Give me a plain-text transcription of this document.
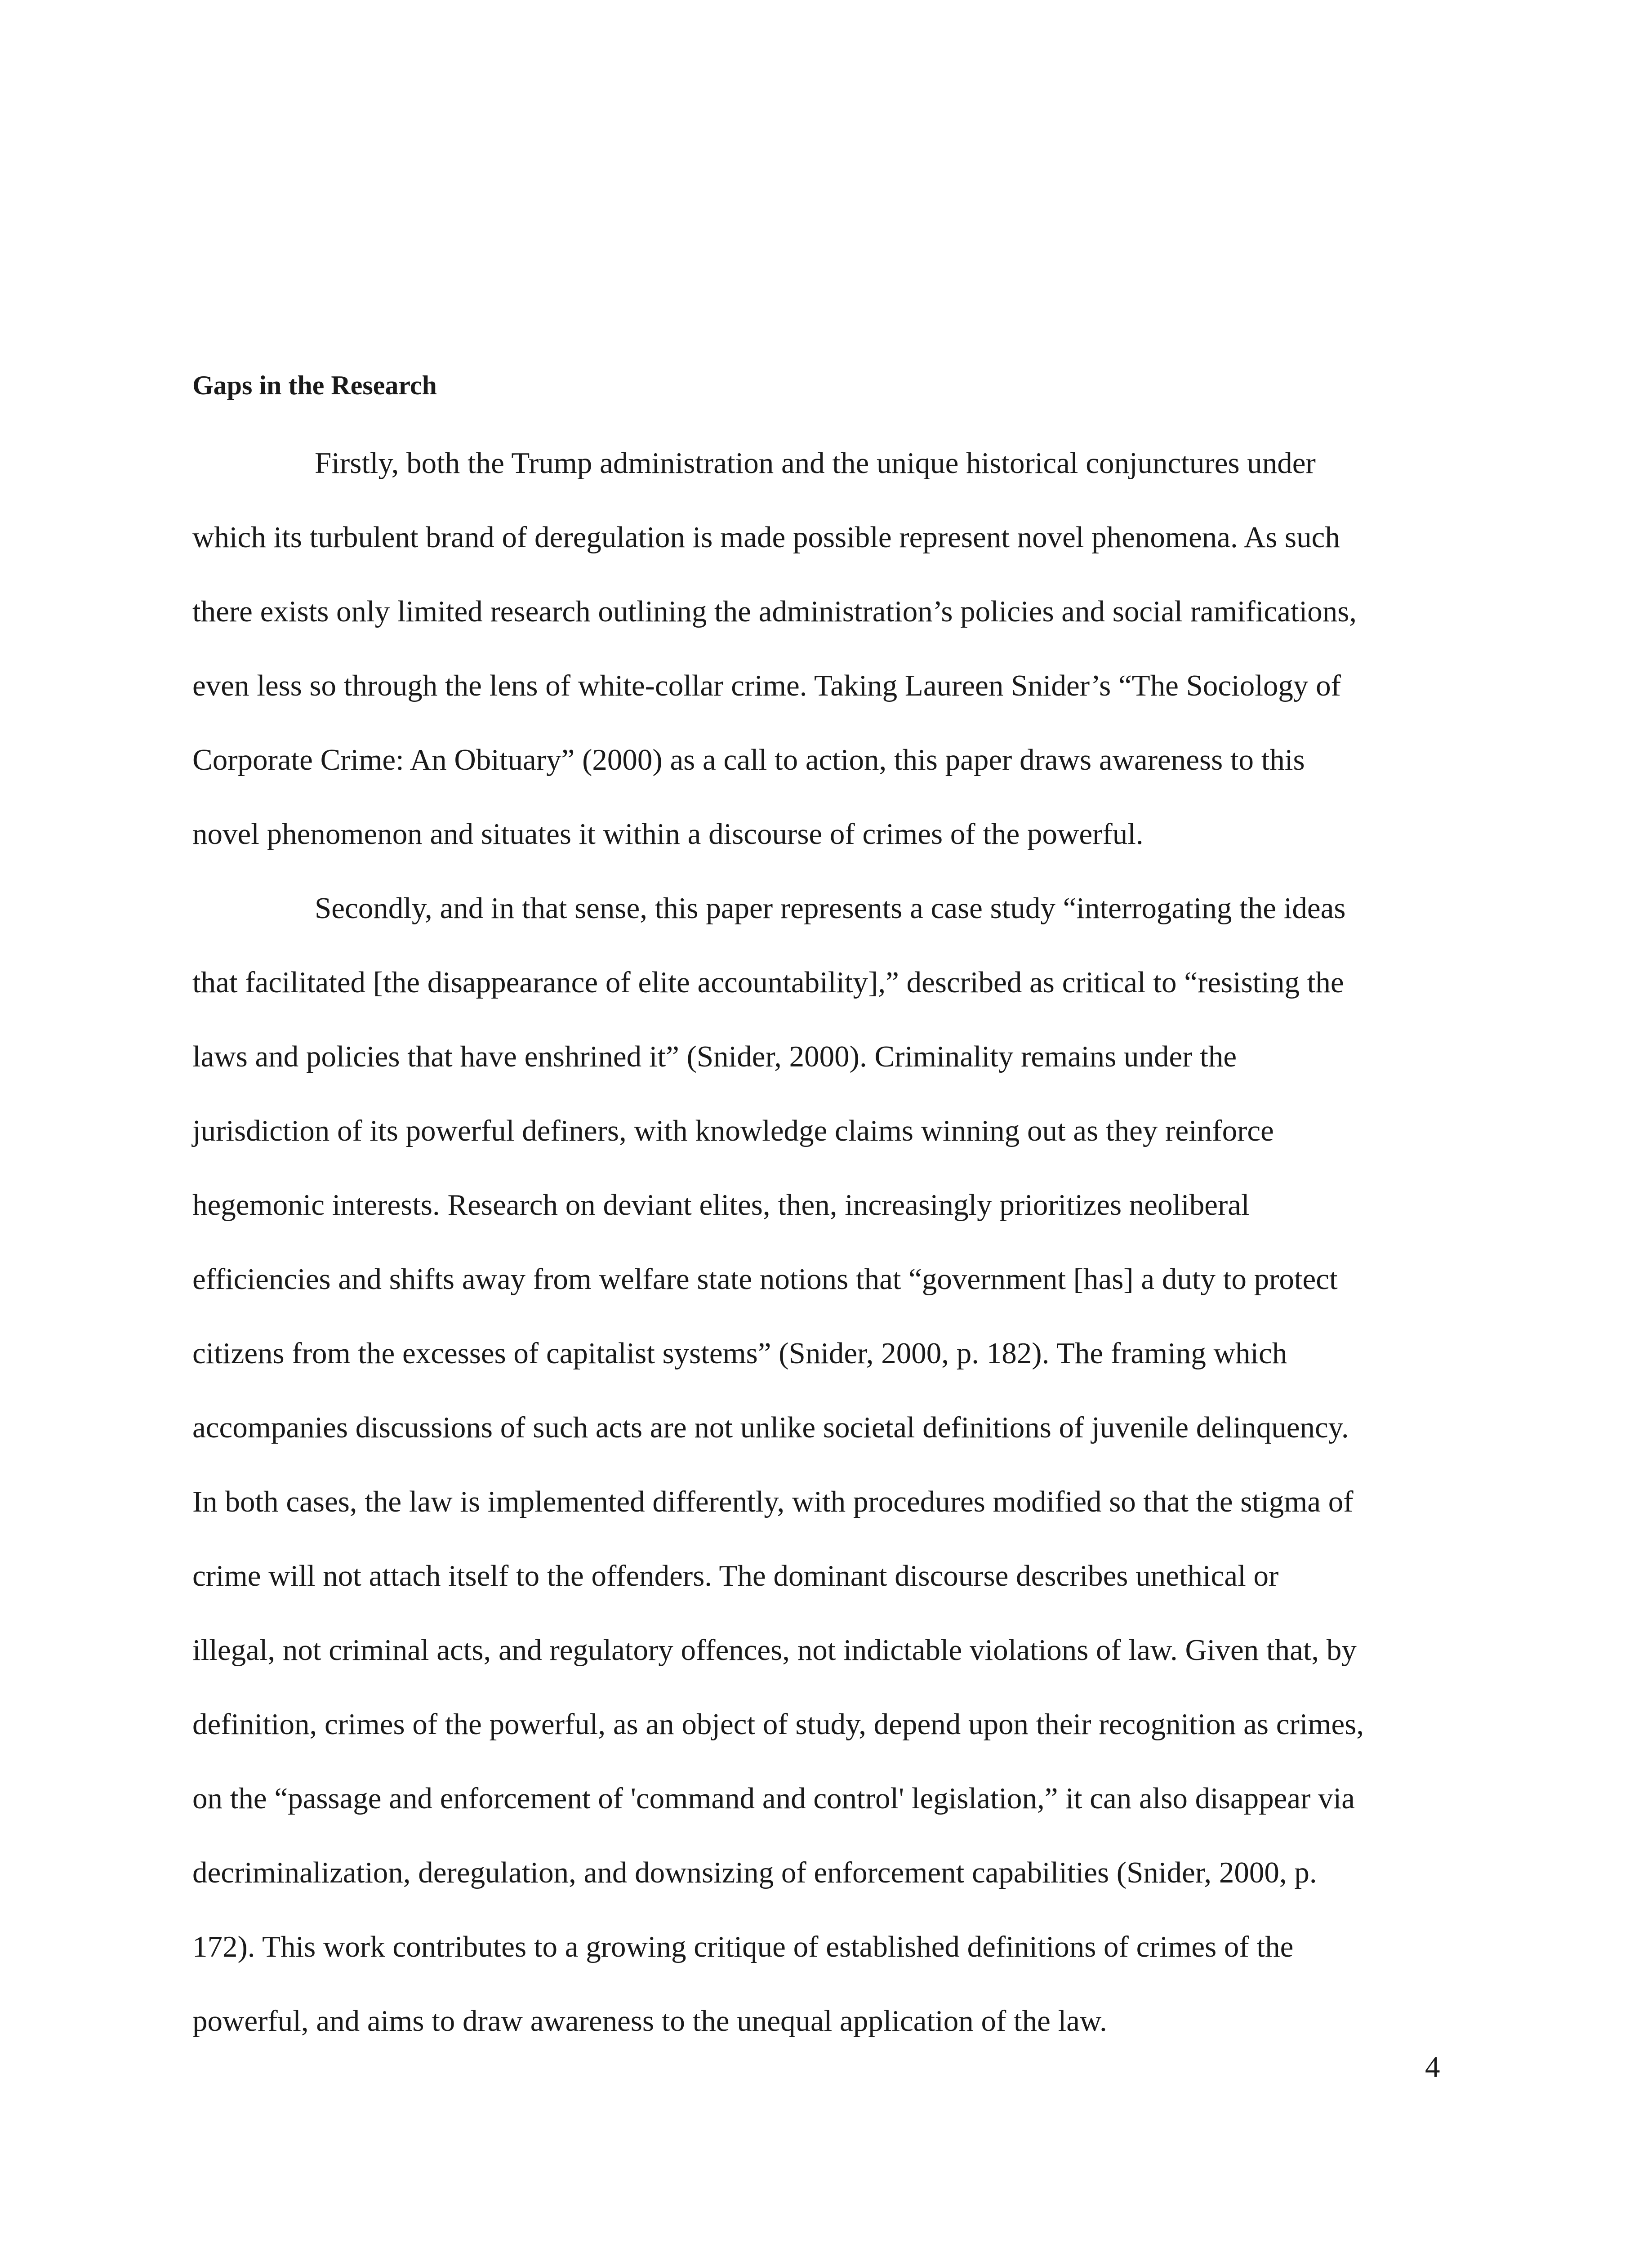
Gaps in the Research
Firstly, both the Trump administration and the unique historical conjunctures under
which its turbulent brand of deregulation is made possible represent novel phenomena. As such
there exists only limited research outlining the administration’s policies and social ramifications,
even less so through the lens of white-collar crime. Taking Laureen Snider’s “The Sociology of
Corporate Crime: An Obituary” (2000) as a call to action, this paper draws awareness to this
novel phenomenon and situates it within a discourse of crimes of the powerful.
Secondly, and in that sense, this paper represents a case study “interrogating the ideas
that facilitated [the disappearance of elite accountability],” described as critical to “resisting the
laws and policies that have enshrined it” (Snider, 2000). Criminality remains under the
jurisdiction of its powerful definers, with knowledge claims winning out as they reinforce
hegemonic interests. Research on deviant elites, then, increasingly prioritizes neoliberal
efficiencies and shifts away from welfare state notions that “government [has] a duty to protect
citizens from the excesses of capitalist systems” (Snider, 2000, p. 182). The framing which
accompanies discussions of such acts are not unlike societal definitions of juvenile delinquency.
In both cases, the law is implemented differently, with procedures modified so that the stigma of
crime will not attach itself to the offenders. The dominant discourse describes unethical or
illegal, not criminal acts, and regulatory offences, not indictable violations of law. Given that, by
definition, crimes of the powerful, as an object of study, depend upon their recognition as crimes,
on the “passage and enforcement of 'command and control' legislation,” it can also disappear via
decriminalization, deregulation, and downsizing of enforcement capabilities (Snider, 2000, p.
172). This work contributes to a growing critique of established definitions of crimes of the
powerful, and aims to draw awareness to the unequal application of the law.
4
